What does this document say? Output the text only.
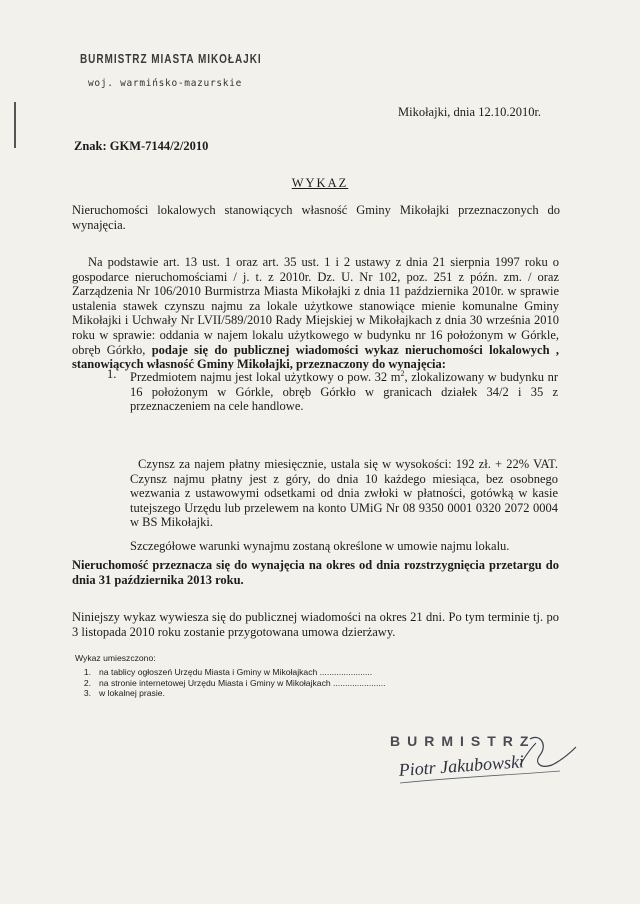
BURMISTRZ MIASTA MIKOŁAJKI
woj. warmińsko-mazurskie
Mikołajki, dnia 12.10.2010r.
Znak: GKM-7144/2/2010
WYKAZ
Nieruchomości lokalowych stanowiących własność Gminy Mikołajki przeznaczonych do wynajęcia.
Na podstawie art. 13 ust. 1 oraz art. 35 ust. 1 i 2 ustawy z dnia 21 sierpnia 1997 roku o gospodarce nieruchomościami / j. t. z 2010r. Dz. U. Nr 102, poz. 251 z późn. zm. / oraz Zarządzenia Nr 106/2010 Burmistrza Miasta Mikołajki z dnia 11 października 2010r. w sprawie ustalenia stawek czynszu najmu za lokale użytkowe stanowiące mienie komunalne Gminy Mikołajki i Uchwały Nr LVII/589/2010 Rady Miejskiej w Mikołajkach z dnia 30 września 2010 roku w sprawie: oddania w najem lokalu użytkowego w budynku nr 16 położonym w Górkle, obręb Górkło, podaje się do publicznej wiadomości wykaz nieruchomości lokalowych , stanowiących własność Gminy Mikołajki, przeznaczony do wynajęcia:
1. Przedmiotem najmu jest lokal użytkowy o pow. 32 $m^2$, zlokalizowany w budynku nr 16 położonym w Górkle, obręb Górkło w granicach działek 34/2 i 35 z przeznaczeniem na cele handlowe.
Czynsz za najem płatny miesięcznie, ustala się w wysokości: 192 zł. + 22% VAT. Czynsz najmu płatny jest z góry, do dnia 10 każdego miesiąca, bez osobnego wezwania z ustawowymi odsetkami od dnia zwłoki w płatności, gotówką w kasie tutejszego Urzędu lub przelewem na konto UMiG Nr 08 9350 0001 0320 2072 0004 w BS Mikołajki.
Szczegółowe warunki wynajmu zostaną określone w umowie najmu lokalu.
Nieruchomość przeznacza się do wynajęcia na okres od dnia rozstrzygnięcia przetargu do dnia 31 października 2013 roku.
Niniejszy wykaz wywiesza się do publicznej wiadomości na okres 21 dni. Po tym terminie tj. po 3 listopada 2010 roku zostanie przygotowana umowa dzierżawy.
Wykaz umieszczono:
1. na tablicy ogłoszeń Urzędu Miasta i Gminy w Mikołajkach ......................
2. na stronie internetowej Urzędu Miasta i Gminy w Mikołajkach ......................
3. w lokalnej prasie.
BURMISTRZ
Piotr Jakubowski
